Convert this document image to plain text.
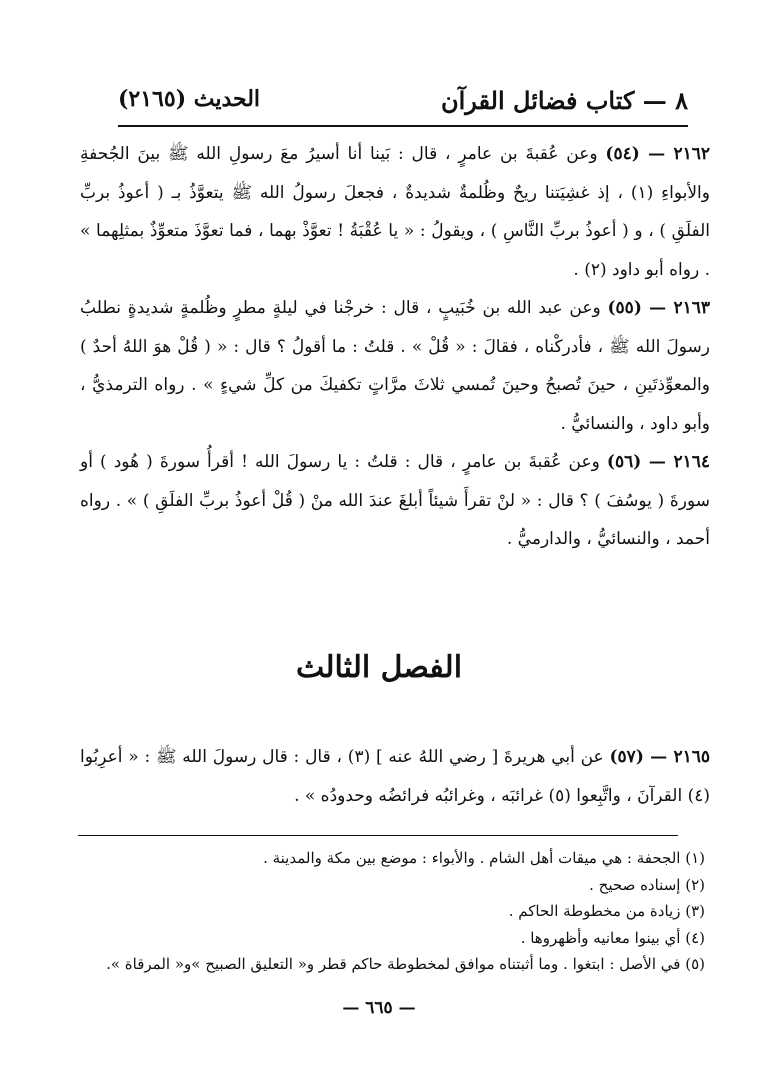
٨ — كتاب فضائل القرآن
الحديث (٢١٦٥)

٢١٦٢ — (٥٤) وعن عُقبةَ بن عامرٍ ، قال : بَينا أنا أسيرُ معَ رسولِ الله ﷺ بينَ الجُحفةِ والأبواءِ (١) ، إذ غشِيَتنا ريحٌ وظُلمةٌ شديدةٌ ، فجعلَ رسولُ الله ﷺ يتعوَّذُ بـ ( أعوذُ بربِّ الفلَقِ ) ، و ( أعوذُ بربِّ النَّاسِ ) ، ويقولُ : « يا عُقْبَةُ ! تعوَّذْ بهما ، فما تعوَّذَ متعوِّذٌ بمثلِهما » . رواه أبو داود (٢) .

٢١٦٣ — (٥٥) وعن عبد الله بن خُبَيبٍ ، قال : خرجْنا في ليلةٍ مطرٍ وظُلمةٍ شديدةٍ نطلبُ رسولَ الله ﷺ ، فأدركْناه ، فقالَ : « قُلْ » . قلتُ : ما أقولُ ؟ قال : « ( قُلْ هوَ اللهُ أحدٌ ) والمعوِّذتَينِ ، حينَ تُصبحُ وحينَ تُمسي ثلاثَ مرَّاتٍ تكفيكَ من كلِّ شيءٍ » . رواه الترمذيُّ ، وأبو داود ، والنسائيُّ .

٢١٦٤ — (٥٦) وعن عُقبةَ بن عامرٍ ، قال : قلتُ : يا رسولَ الله ! أقرأُ سورةَ ( هُود ) أو سورةَ ( يوسُفَ ) ؟ قال : « لنْ تقرأَ شيئاً أبلغَ عندَ الله منْ ( قُلْ أعوذُ بربِّ الفلَقِ ) » . رواه أحمد ، والنسائيُّ ، والدارميُّ .

الفصل الثالث

٢١٦٥ — (٥٧) عن أبي هريرةَ [ رضي اللهُ عنه ] (٣) ، قال : قال رسولَ الله ﷺ : « أعرِبُوا (٤) القرآنَ ، واتَّبِعوا (٥) غرائبَه ، وغرائبُه فرائضُه وحدودُه » .

(١) الجحفة : هي ميقات أهل الشام . والأبواء : موضع بين مكة والمدينة .
(٢) إسناده صحيح .
(٣) زيادة من مخطوطة الحاكم .
(٤) أي بينوا معانيه وأظهروها .
(٥) في الأصل : ابتغوا . وما أثبتناه موافق لمخطوطة حاكم قطر و« التعليق الصبيح »و« المرقاة ».
— ٦٦٥ —
